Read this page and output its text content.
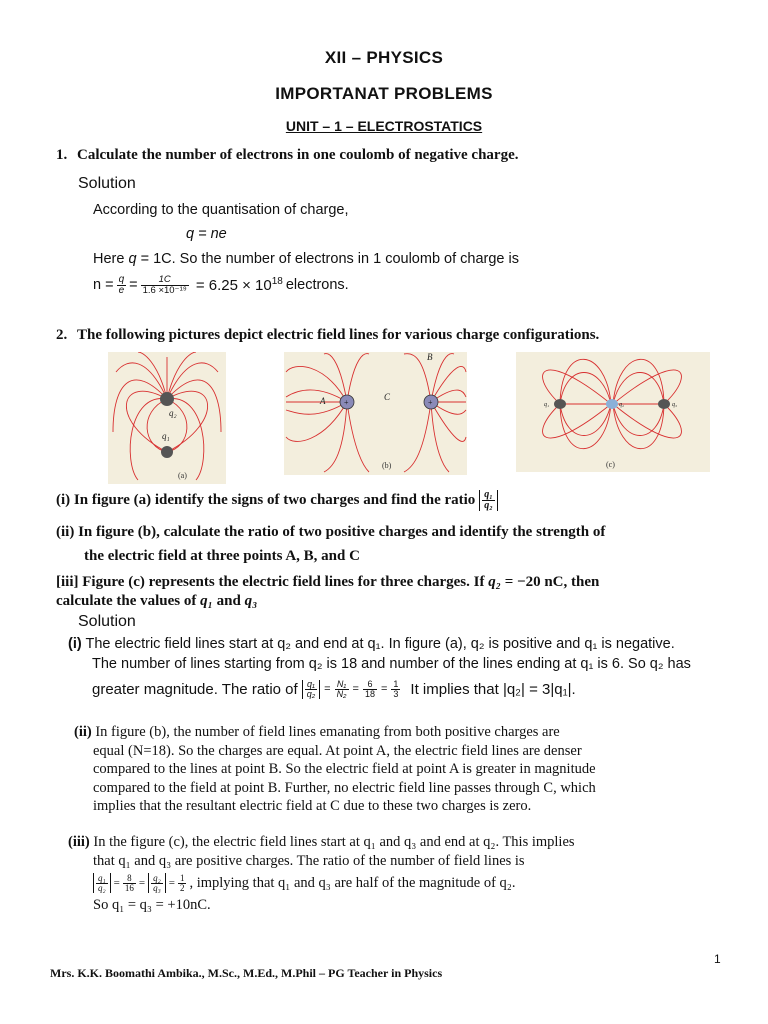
XII – PHYSICS
IMPORTANAT PROBLEMS
UNIT – 1 – ELECTROSTATICS
1. Calculate the number of electrons in one coulomb of negative charge.
Solution
According to the quantisation of charge,
q = ne
Here q = 1C. So the number of electrons in 1 coulomb of charge is
$n = \frac{q}{e} = \frac{1C}{\text{1.6 ×10⁻¹⁹}} = 6.25 \times 10^{18}$ electrons.
2. The following pictures depict electric field lines for various charge configurations.
q₂
q₁
(a)
+	+
A
B
C
(b)
q₁	q₂	q₃
(c)
(i) In figure (a) identify the signs of two charges and find the ratio $\frac{\text{q₁}}{\text{q₂}}$
(ii) In figure (b), calculate the ratio of two positive charges and identify the strength of
the electric field at three points A, B, and C
[iii] Figure (c) represents the electric field lines for three charges. If q₂ = −20 nC, then
calculate the values of q₁ and q₃
Solution
(i) The electric field lines start at q₂ and end at q₁. In figure (a), q₂ is positive and q₁ is negative.
The number of lines starting from q₂ is 18 and number of the lines ending at q₁ is 6. So q₂ has
greater magnitude. The ratio of $\frac{\text{q₁}}{\text{q₂}} = \frac{\text{N₁}}{\text{N₂}} = \frac{6}{18} = \frac{1}{3}$ It implies that |q₂| = 3|q₁|.
(ii) In figure (b), the number of field lines emanating from both positive charges are
equal (N=18). So the charges are equal. At point A, the electric field lines are denser
compared to the lines at point B. So the electric field at point A is greater in magnitude
compared to the field at point B. Further, no electric field line passes through C, which
implies that the resultant electric field at C due to these two charges is zero.
(iii) In the figure (c), the electric field lines start at q₁ and q₃ and end at q₂. This implies
that q₁ and q₃ are positive charges. The ratio of the number of field lines is
$\frac{\text{q₁}}{\text{q₂}} = \frac{8}{16} = \frac{\text{q₂}}{\text{q₃}} = \frac{1}{2}$ , implying that q₁ and q₃ are half of the magnitude of q₂.
So q₁ = q₃ = +10nC.
1
Mrs. K.K. Boomathi Ambika., M.Sc., M.Ed., M.Phil – PG Teacher in Physics
